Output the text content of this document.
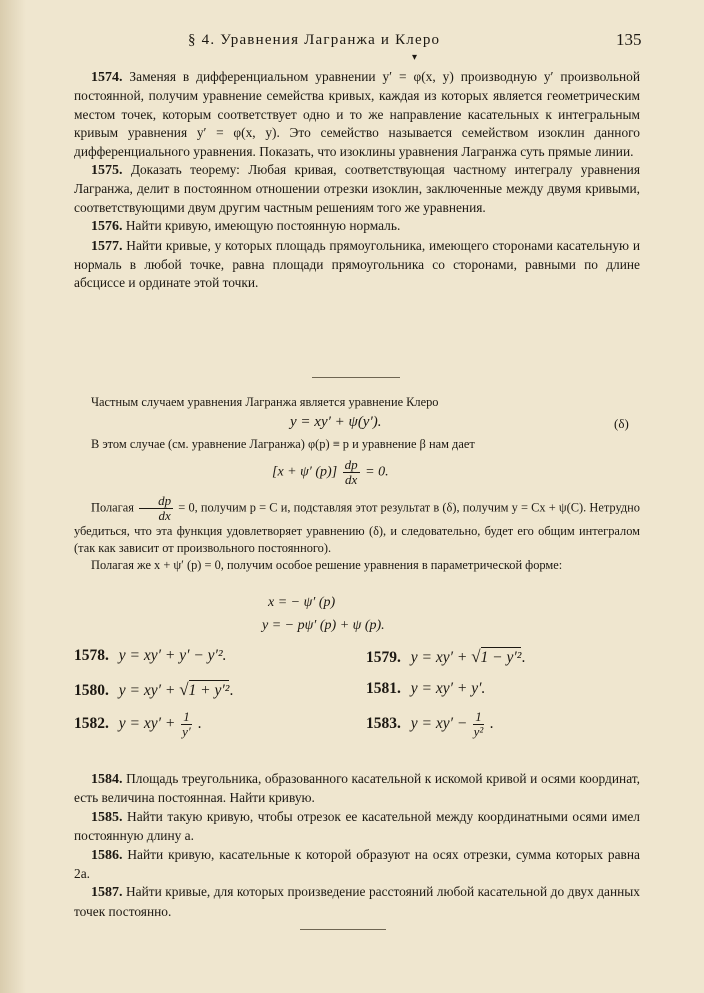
▾
§ 4. Уравнения Лагранжа и Клеро	135

1574. Заменяя в дифференциальном уравнении y′ = φ(x, y) производную y′ произвольной постоянной, получим уравнение семейства кривых, каждая из которых является геометрическим местом точек, которым соответствует одно и то же направление касательных к интегральным кривым уравнения y′ = φ(x, y). Это семейство называется семейством изоклин данного дифференциального уравнения. Показать, что изоклины уравнения Лагранжа суть прямые линии.

1575. Доказать теорему: Любая кривая, соответствующая частному интегралу уравнения Лагранжа, делит в постоянном отношении отрезки изоклин, заключенные между двумя кривыми, соответствующими двум другим частным решениям того же уравнения.

1576. Найти кривую, имеющую постоянную нормаль.

1577. Найти кривые, у которых площадь прямоугольника, имеющего сторонами касательную и нормаль в любой точке, равна площади прямоугольника со сторонами, равными по длине абсциссе и ординате этой точки.

Частным случаем уравнения Лагранжа является уравнение Клеро

y = xy′ + ψ(y′).	(δ)

В этом случае (см. уравнение Лагранжа) φ(p) ≡ p и уравнение β нам дает

[x + ψ′ $(p)] \frac{dp}{dx} = 0$.

Полагая $\frac{dp}{dx} = 0$, получим p = C и, подставляя этот результат в (δ), получим y = Cx + ψ(C). Нетрудно убедиться, что эта функция удовлетворяет уравнению (δ), и следовательно, будет его общим интегралом (так как зависит от произвольного постоянного).

Полагая же x + ψ′ (p) = 0, получим особое решение уравнения в параметрической форме:

x = − ψ′ (p)
y = − pψ′ (p) + ψ (p).
1578. y = xy′ + y′ − y′².	1579. y = xy′ + √1 − y′².
1580. y = xy′ + √1 + y′².	1581. y = xy′ + y′.
1582. $y = xy' + \frac{1}{y'}$ .	1583. $y = xy' - \frac{1}{\text{y²}}$ .

1584. Площадь треугольника, образованного касательной к искомой кривой и осями координат, есть величина постоянная. Найти кривую.

1585. Найти такую кривую, чтобы отрезок ее касательной между координатными осями имел постоянную длину a.

1586. Найти кривую, касательные к которой образуют на осях отрезки, сумма которых равна 2a.

1587. Найти кривые, для которых произведение расстояний любой касательной до двух данных точек постоянно.
